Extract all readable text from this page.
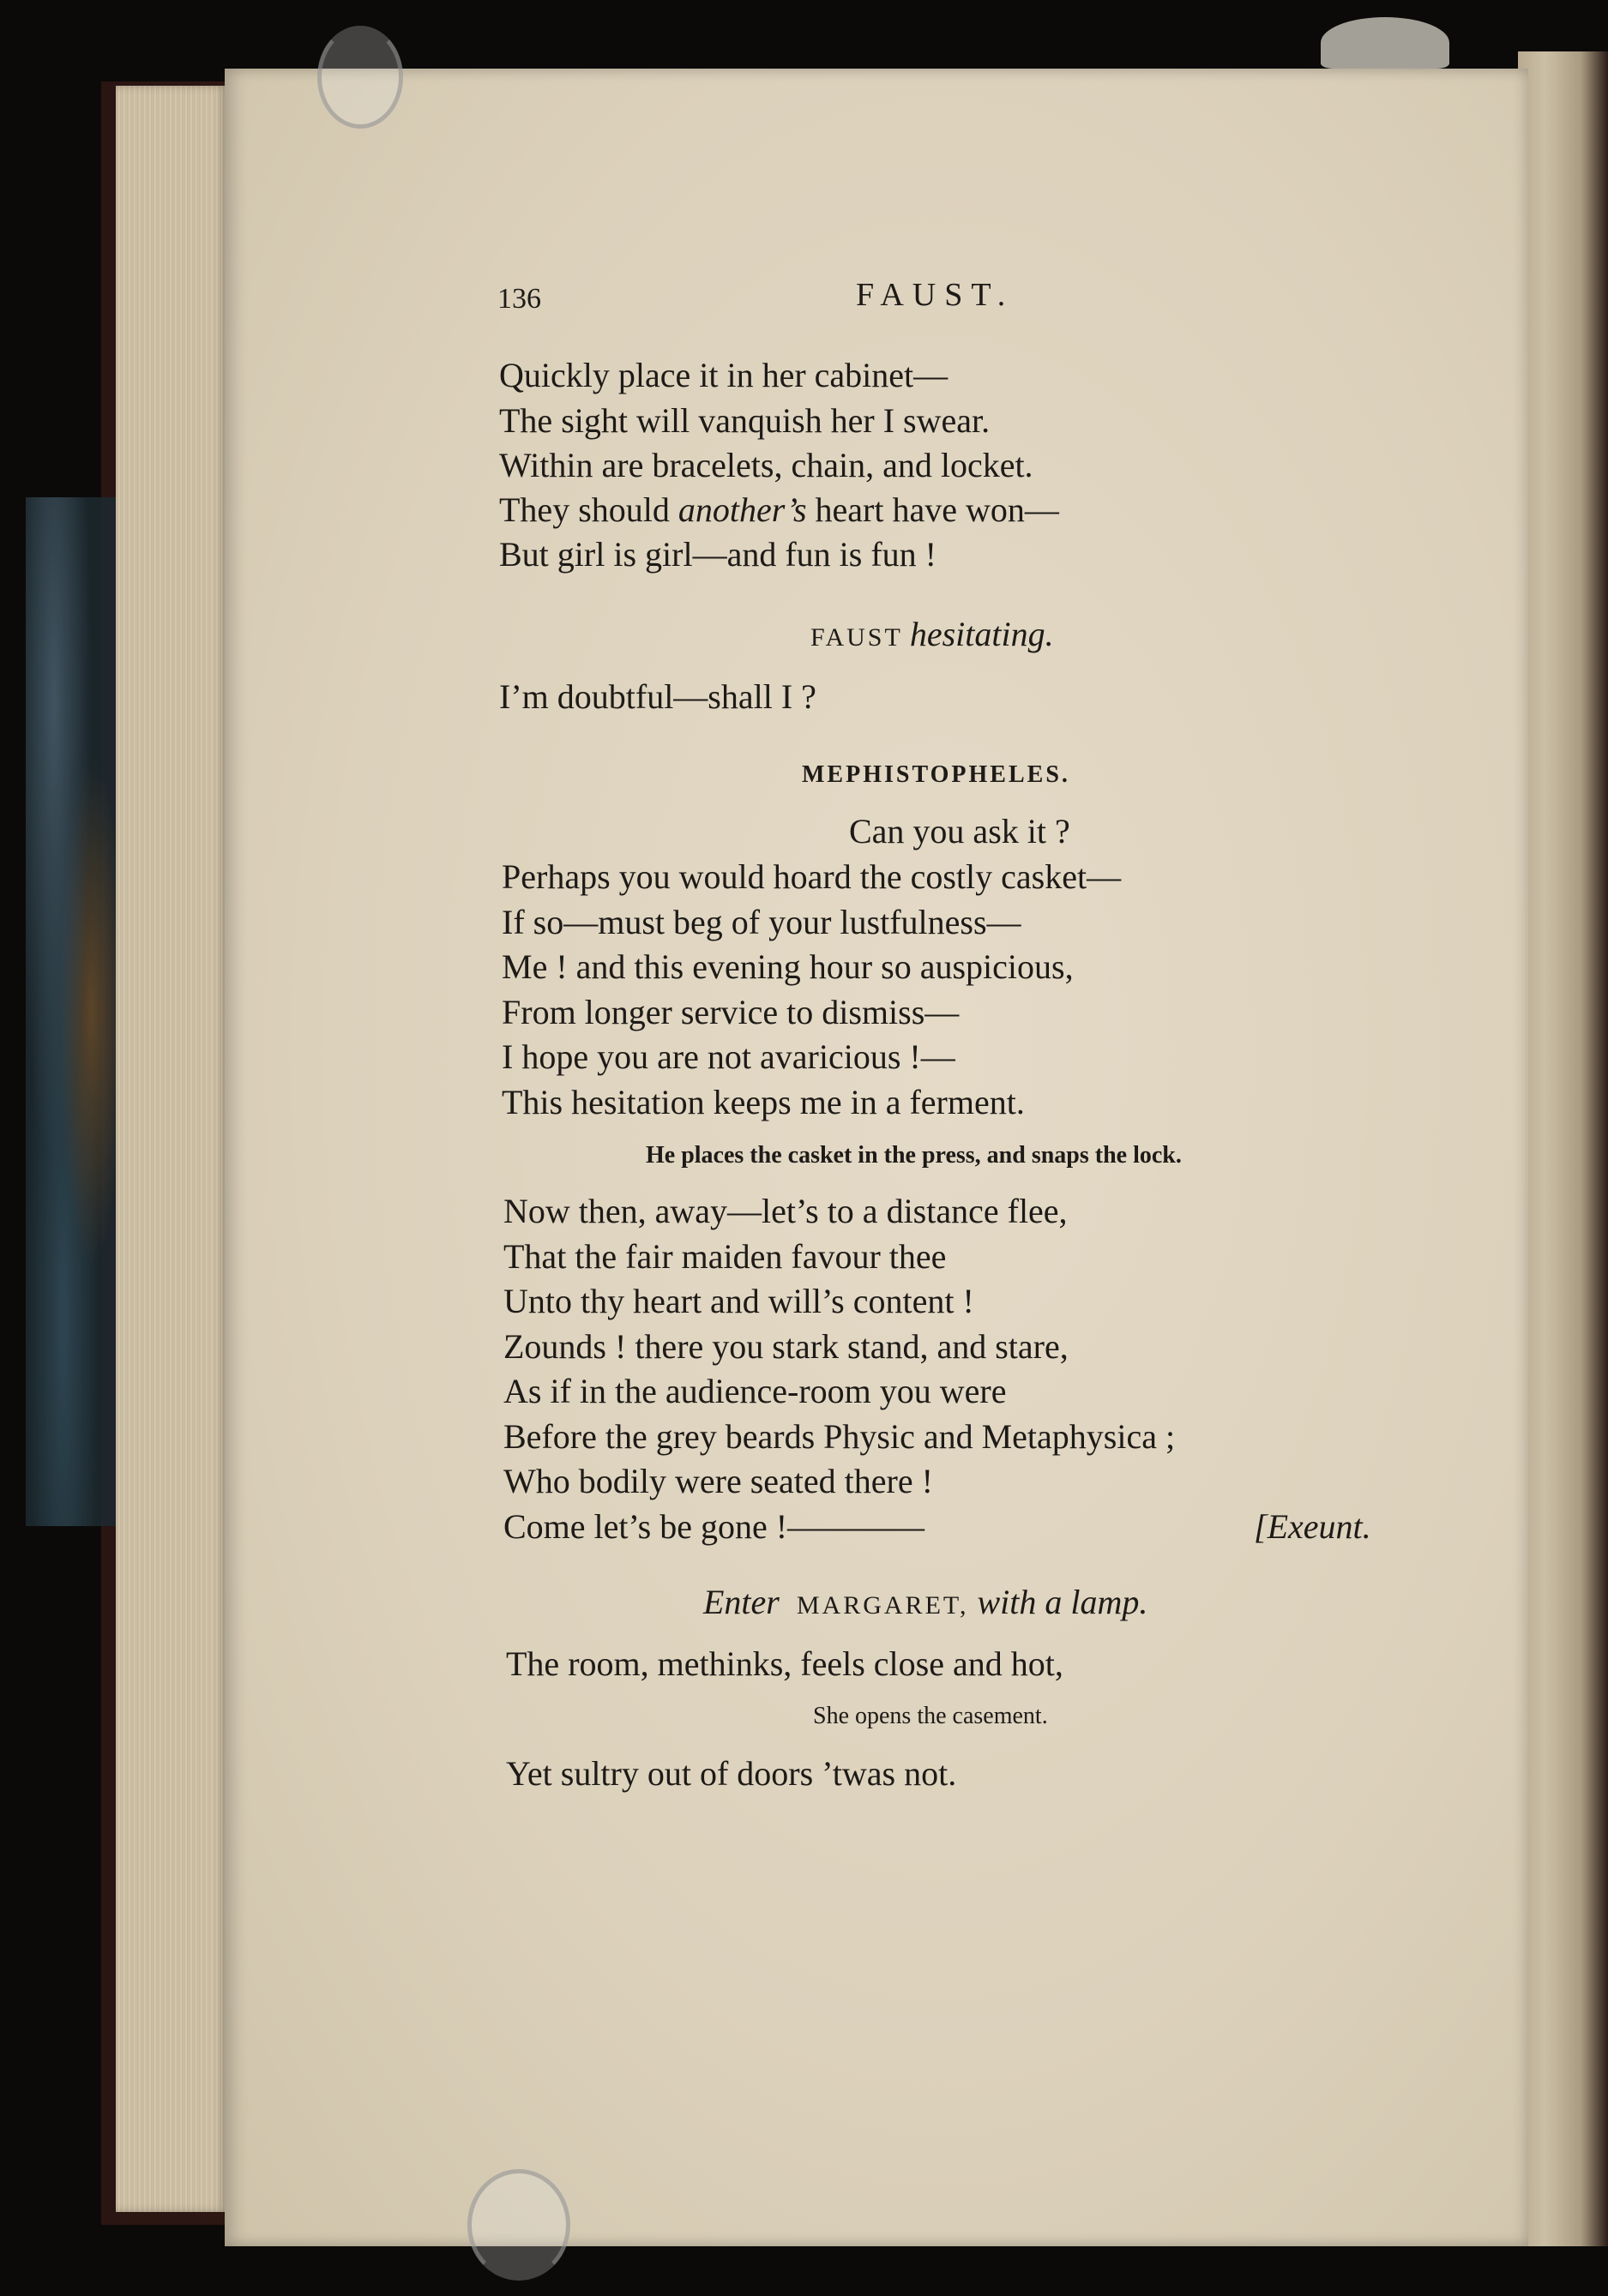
136	FAUST.
Quickly place it in her cabinet—
The sight will vanquish her I swear.
Within are bracelets, chain, and locket.
They should another’s heart have won—
But girl is girl—and fun is fun !
FAUST hesitating.
I’m doubtful—shall I ?
MEPHISTOPHELES.
Can you ask it ?
Perhaps you would hoard the costly casket—
If so—must beg of your lustfulness—
Me ! and this evening hour so auspicious,
From longer service to dismiss—
I hope you are not avaricious !—
This hesitation keeps me in a ferment.
He places the casket in the press, and snaps the lock.
Now then, away—let’s to a distance flee,
That the fair maiden favour thee
Unto thy heart and will’s content !
Zounds ! there you stark stand, and stare,
As if in the audience-room you were
Before the grey beards Physic and Metaphysica ;
Who bodily were seated there !
Come let’s be gone !————	[Exeunt.
Enter MARGARET, with a lamp.
The room, methinks, feels close and hot,
She opens the casement.
Yet sultry out of doors ’twas not.
